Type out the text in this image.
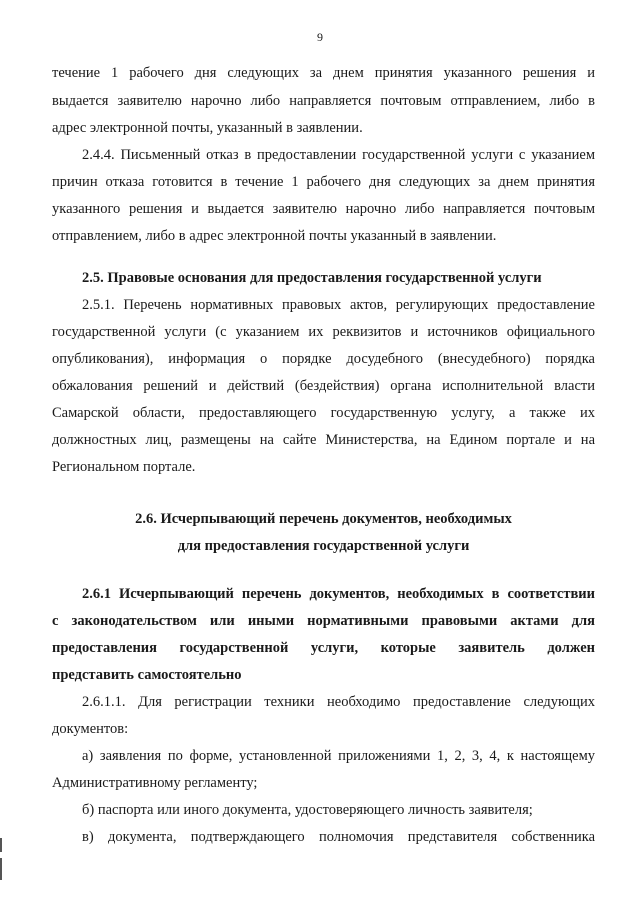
9
течение 1 рабочего дня следующих за днем принятия указанного решения и
выдается заявителю нарочно либо направляется почтовым отправлением, либо в
адрес электронной почты, указанный в заявлении.
2.4.4. Письменный отказ в предоставлении государственной услуги с указанием
причин отказа готовится в течение 1 рабочего дня следующих за днем принятия
указанного решения и выдается заявителю нарочно либо направляется почтовым
отправлением, либо в адрес электронной почты указанный в заявлении.
2.5. Правовые основания для предоставления государственной услуги
2.5.1. Перечень нормативных правовых актов, регулирующих предоставление
государственной услуги (с указанием их реквизитов и источников официального
опубликования), информация о порядке досудебного (внесудебного) порядка
обжалования решений и действий (бездействия) органа исполнительной власти
Самарской области, предоставляющего государственную услугу, а также их
должностных лиц, размещены на сайте Министерства, на Едином портале и на
Региональном портале.
2.6. Исчерпывающий перечень документов, необходимых
для предоставления государственной услуги
2.6.1 Исчерпывающий перечень документов, необходимых в соответствии
с законодательством или иными нормативными правовыми актами для
предоставления государственной услуги, которые заявитель должен
представить самостоятельно
2.6.1.1. Для регистрации техники необходимо предоставление следующих
документов:
а) заявления по форме, установленной приложениями 1, 2, 3, 4, к настоящему
Административному регламенту;
б) паспорта или иного документа, удостоверяющего личность заявителя;
в) документа, подтверждающего полномочия представителя собственника
